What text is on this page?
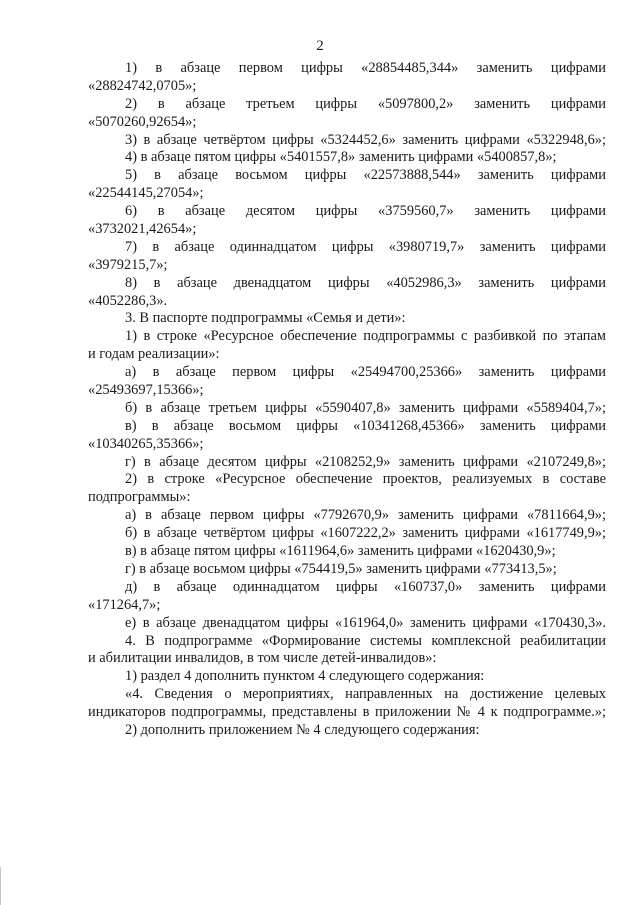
2
1) в абзаце первом цифры «28854485,344» заменить цифрами
«28824742,0705»;
2) в абзаце третьем цифры «5097800,2» заменить цифрами
«5070260,92654»;
3) в абзаце четвёртом цифры «5324452,6» заменить цифрами «5322948,6»;
4) в абзаце пятом цифры «5401557,8» заменить цифрами «5400857,8»;
5) в абзаце восьмом цифры «22573888,544» заменить цифрами
«22544145,27054»;
6) в абзаце десятом цифры «3759560,7» заменить цифрами
«3732021,42654»;
7) в абзаце одиннадцатом цифры «3980719,7» заменить цифрами
«3979215,7»;
8) в абзаце двенадцатом цифры «4052986,3» заменить цифрами
«4052286,3».
3. В паспорте подпрограммы «Семья и дети»:
1) в строке «Ресурсное обеспечение подпрограммы с разбивкой по этапам
и годам реализации»:
а) в абзаце первом цифры «25494700,25366» заменить цифрами
«25493697,15366»;
б) в абзаце третьем цифры «5590407,8» заменить цифрами «5589404,7»;
в) в абзаце восьмом цифры «10341268,45366» заменить цифрами
«10340265,35366»;
г) в абзаце десятом цифры «2108252,9» заменить цифрами «2107249,8»;
2) в строке «Ресурсное обеспечение проектов, реализуемых в составе
подпрограммы»:
а) в абзаце первом цифры «7792670,9» заменить цифрами «7811664,9»;
б) в абзаце четвёртом цифры «1607222,2» заменить цифрами «1617749,9»;
в) в абзаце пятом цифры «1611964,6» заменить цифрами «1620430,9»;
г) в абзаце восьмом цифры «754419,5» заменить цифрами «773413,5»;
д) в абзаце одиннадцатом цифры «160737,0» заменить цифрами
«171264,7»;
е) в абзаце двенадцатом цифры «161964,0» заменить цифрами «170430,3».
4. В подпрограмме «Формирование системы комплексной реабилитации
и абилитации инвалидов, в том числе детей-инвалидов»:
1) раздел 4 дополнить пунктом 4 следующего содержания:
«4. Сведения о мероприятиях, направленных на достижение целевых
индикаторов подпрограммы, представлены в приложении № 4 к подпрограмме.»;
2) дополнить приложением № 4 следующего содержания:
